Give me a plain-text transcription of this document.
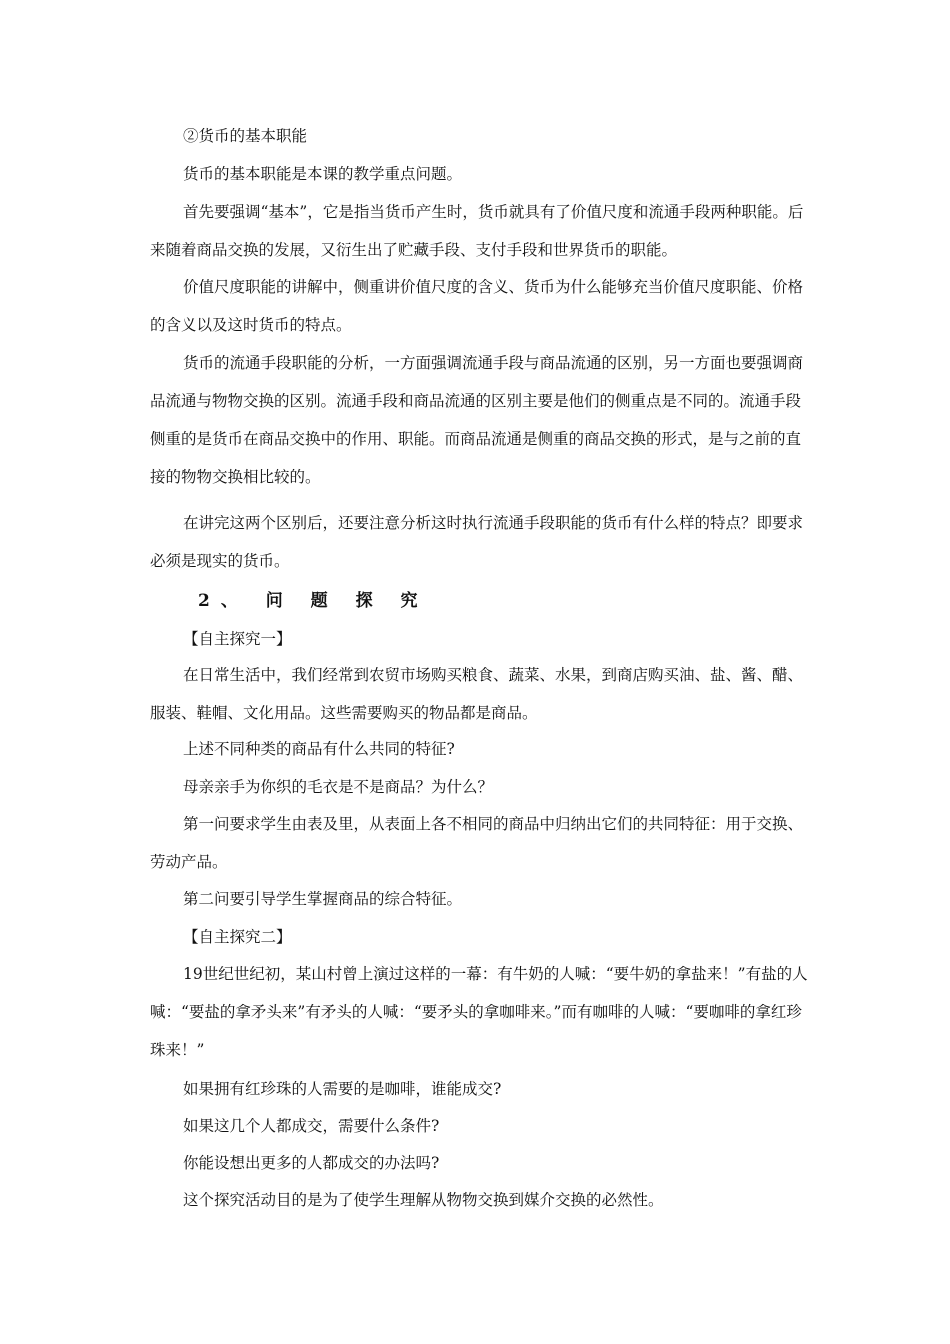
②货币的基本职能
货币的基本职能是本课的教学重点问题。
首先要强调“基本”，它是指当货币产生时，货币就具有了价值尺度和流通手段两种职能。后来随着商品交换的发展，又衍生出了贮藏手段、支付手段和世界货币的职能。
价值尺度职能的讲解中，侧重讲价值尺度的含义、货币为什么能够充当价值尺度职能、价格的含义以及这时货币的特点。
货币的流通手段职能的分析，一方面强调流通手段与商品流通的区别，另一方面也要强调商品流通与物物交换的区别。流通手段和商品流通的区别主要是他们的侧重点是不同的。流通手段侧重的是货币在商品交换中的作用、职能。而商品流通是侧重的商品交换的形式，是与之前的直接的物物交换相比较的。
在讲完这两个区别后，还要注意分析这时执行流通手段职能的货币有什么样的特点？即要求必须是现实的货币。
2、 问 题 探 究
【自主探究一】
在日常生活中，我们经常到农贸市场购买粮食、蔬菜、水果，到商店购买油、盐、酱、醋、服装、鞋帽、文化用品。这些需要购买的物品都是商品。
上述不同种类的商品有什么共同的特征?
母亲亲手为你织的毛衣是不是商品？为什么？
第一问要求学生由表及里，从表面上各不相同的商品中归纳出它们的共同特征：用于交换、劳动产品。
第二问要引导学生掌握商品的综合特征。
【自主探究二】
19世纪世纪初，某山村曾上演过这样的一幕：有牛奶的人喊：“要牛奶的拿盐来！”有盐的人喊：“要盐的拿矛头来”有矛头的人喊：“要矛头的拿咖啡来。”而有咖啡的人喊：“要咖啡的拿红珍珠来！”
如果拥有红珍珠的人需要的是咖啡，谁能成交?
如果这几个人都成交，需要什么条件?
你能设想出更多的人都成交的办法吗?
这个探究活动目的是为了使学生理解从物物交换到媒介交换的必然性。
